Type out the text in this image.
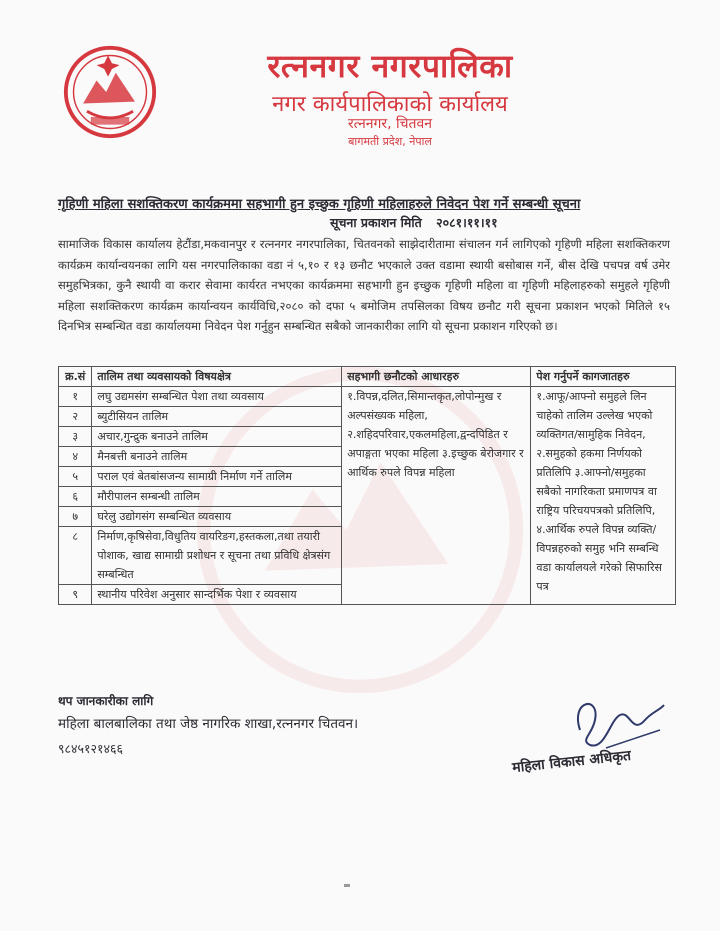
रत्ननगर नगरपालिका
नगर कार्यपालिकाको कार्यालय
रत्ननगर, चितवन
बागमती प्रदेश, नेपाल
गृहिणी महिला सशक्तिकरण कार्यक्रममा सहभागी हुन इच्छुक गृहिणी महिलाहरुले निवेदन पेश गर्ने सम्बन्धी सूचना
सूचना प्रकाशन मिति २०८१।११।११
सामाजिक विकास कार्यालय हेटौंडा,मकवानपुर र रत्ननगर नगरपालिका, चितवनको साझेदारीतामा संचालन गर्न लागिएको गृहिणी महिला सशक्तिकरण कार्यक्रम कार्यान्वयनका लागि यस नगरपालिकाका वडा नं ५,१० र १३ छनौट भएकाले उक्त वडामा स्थायी बसोबास गर्ने, बीस देखि पचपन्न वर्ष उमेर समुहभित्रका, कुनै स्थायी वा करार सेवामा कार्यरत नभएका कार्यक्रममा सहभागी हुन इच्छुक गृहिणी महिला वा गृहिणी महिलाहरुको समुहले गृहिणी महिला सशक्तिकरण कार्यक्रम कार्यान्वयन कार्यविधि,२०८० को दफा ५ बमोजिम तपसिलका विषय छनौट गरी सूचना प्रकाशन भएको मितिले १५ दिनभित्र सम्बन्धित वडा कार्यालयमा निवेदन पेश गर्नुहुन सम्बन्धित सबैको जानकारीका लागि यो सूचना प्रकाशन गरिएको छ।
क्र.सं	तालिम तथा व्यवसायको विषयक्षेत्र	सहभागी छनौटको आधारहरु	पेश गर्नुपर्ने कागजातहरु
१	लघु उद्यमसंग सम्बन्धित पेशा तथा व्यवसाय	१.विपन्न,दलित,सिमान्तकृत,लोपोन्मुख र अल्पसंख्यक महिला, २.शहिदपरिवार,एकलमहिला,द्वन्दपिडित र अपाङ्गता भएका महिला ३.इच्छुक बेरोजगार र आर्थिक रुपले विपन्न महिला	१.आफू/आफ्नो समुहले लिन चाहेको तालिम उल्लेख भएको व्यक्तिगत/सामुहिक निवेदन, २.समुहको हकमा निर्णयको प्रतिलिपि ३.आफ्नो/समुहका सबैको नागरिकता प्रमाणपत्र वा राष्ट्रिय परिचयपत्रको प्रतिलिपि, ४.आर्थिक रुपले विपन्न व्यक्ति/विपन्नहरुको समुह भनि सम्बन्धि वडा कार्यालयले गरेको सिफारिस पत्र
२	ब्युटीसियन तालिम		
३	अचार,गुन्द्रुक बनाउने तालिम		
४	मैनबत्ती बनाउने तालिम		
५	पराल एवं बेतबांसजन्य सामाग्री निर्माण गर्ने तालिम		
६	मौरीपालन सम्बन्धी तालिम		
७	घरेलु उद्योगसंग सम्बन्धित व्यवसाय		
८	निर्माण,कृषिसेवा,विधुतिय वायरिङग,हस्तकला,तथा तयारी पोशाक, खाद्य सामाग्री प्रशोधन र सूचना तथा प्रविधि क्षेत्रसंग सम्बन्धित		
९	स्थानीय परिवेश अनुसार सान्दर्भिक पेशा र व्यवसाय		
थप जानकारीका लागि
महिला बालबालिका तथा जेष्ठ नागरिक शाखा,रत्ननगर चितवन।
९८४५१२१४६६	महिला विकास अधिकृत
